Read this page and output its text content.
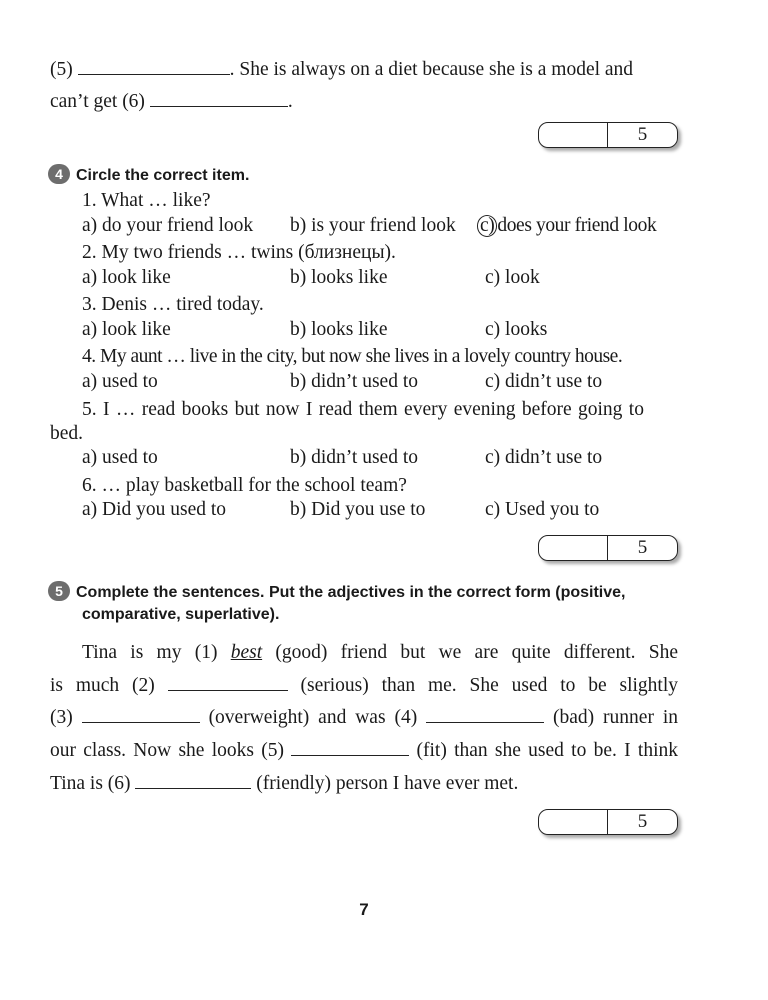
(5)	. She is always on a diet because she is a model and
can’t get (6)	.
5
4 Circle the correct item.
1. What … like?
a) do your friend look b) is your friend look c) does your friend look
2. My two friends … twins (близнецы).
a) look like	b) looks like	c) look
3. Denis … tired today.
a) look like	b) looks like	c) looks
4. My aunt … live in the city, but now she lives in a lovely country house.
a) used to	b) didn’t used to	c) didn’t use to
5. I … read books but now I read them every evening before going to
bed.
a) used to	b) didn’t used to	c) didn’t use to
6. … play basketball for the school team?
a) Did you used to	b) Did you use to	c) Used you to
5
5 Complete the sentences. Put the adjectives in the correct form (positive,
comparative, superlative).
Tina is my (1) best (good) friend but we are quite different. She
is much (2)	(serious) than me. She used to be slightly
(3)	(overweight) and was (4)	(bad) runner in
our class. Now she looks (5)	(fit) than she used to be. I think
Tina is (6)	(friendly) person I have ever met.
5
7
